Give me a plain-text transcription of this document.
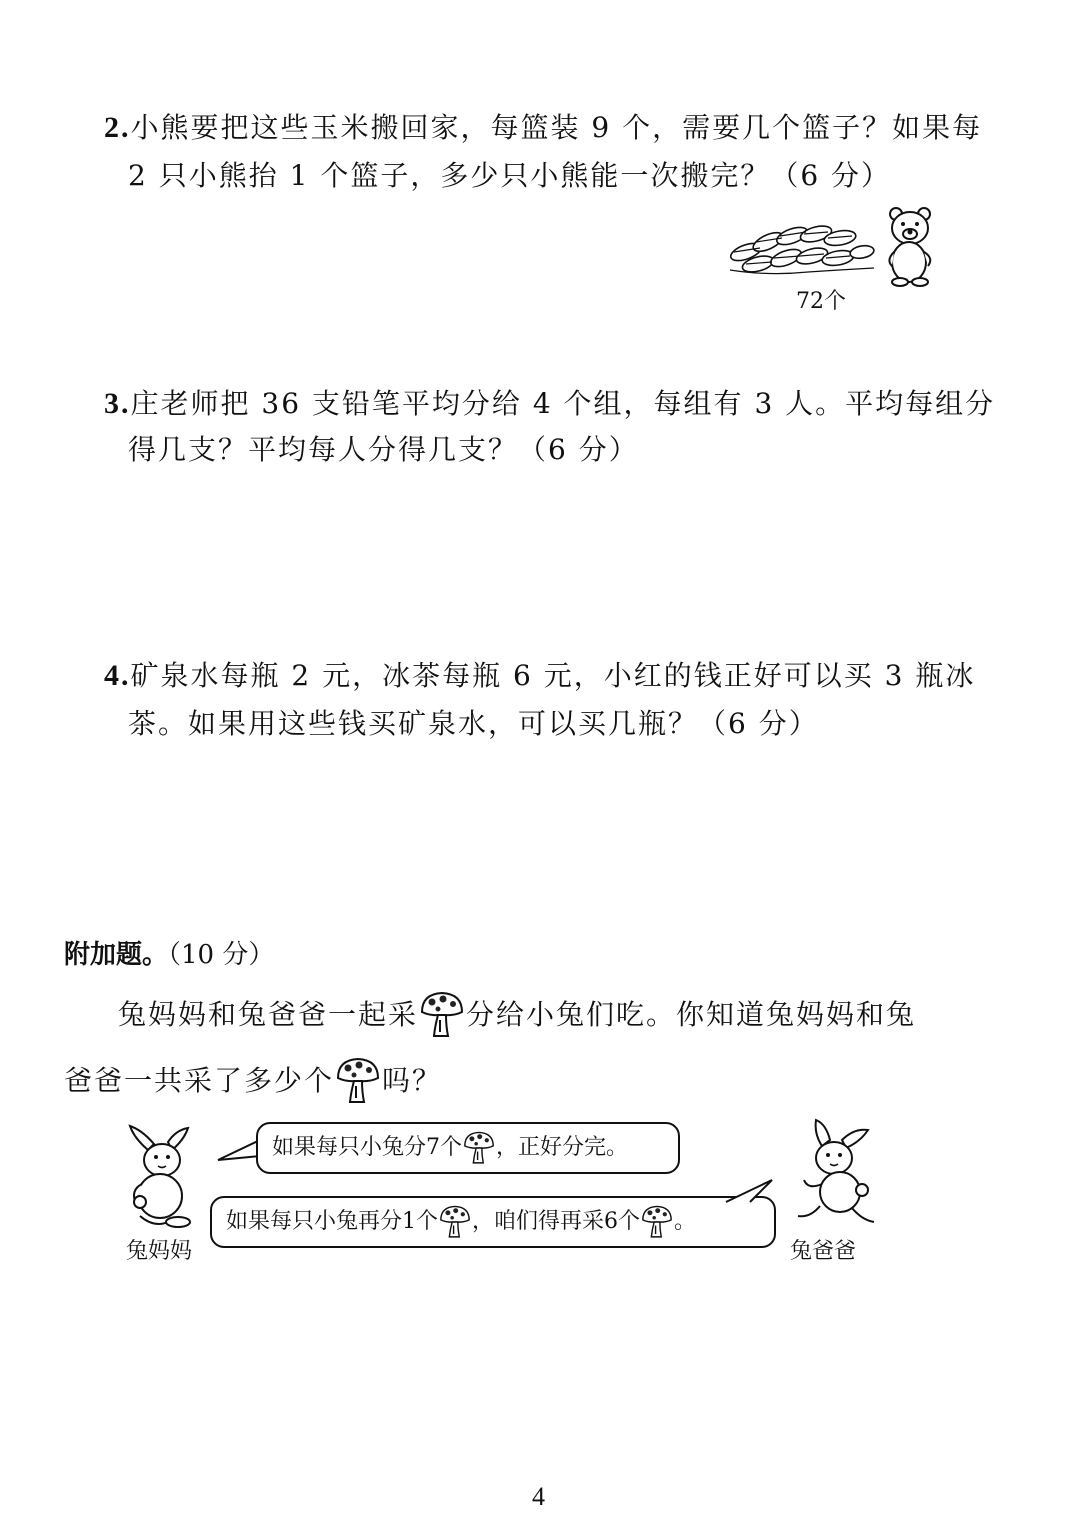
2.小熊要把这些玉米搬回家，每篮装 9 个，需要几个篮子？如果每
2 只小熊抬 1 个篮子，多少只小熊能一次搬完？（6 分）
72个
3.庄老师把 36 支铅笔平均分给 4 个组，每组有 3 人。平均每组分
得几支？平均每人分得几支？（6 分）
4.矿泉水每瓶 2 元，冰茶每瓶 6 元，小红的钱正好可以买 3 瓶冰
茶。如果用这些钱买矿泉水，可以买几瓶？（6 分）
附加题。（10 分）
兔妈妈和兔爸爸一起采 分给小兔们吃。你知道兔妈妈和兔
爸爸一共采了多少个 吗？
兔妈妈	兔爸爸
如果每只小兔分7个 ，正好分完。
如果每只小兔再分1个 ，咱们得再采6个 。
4
